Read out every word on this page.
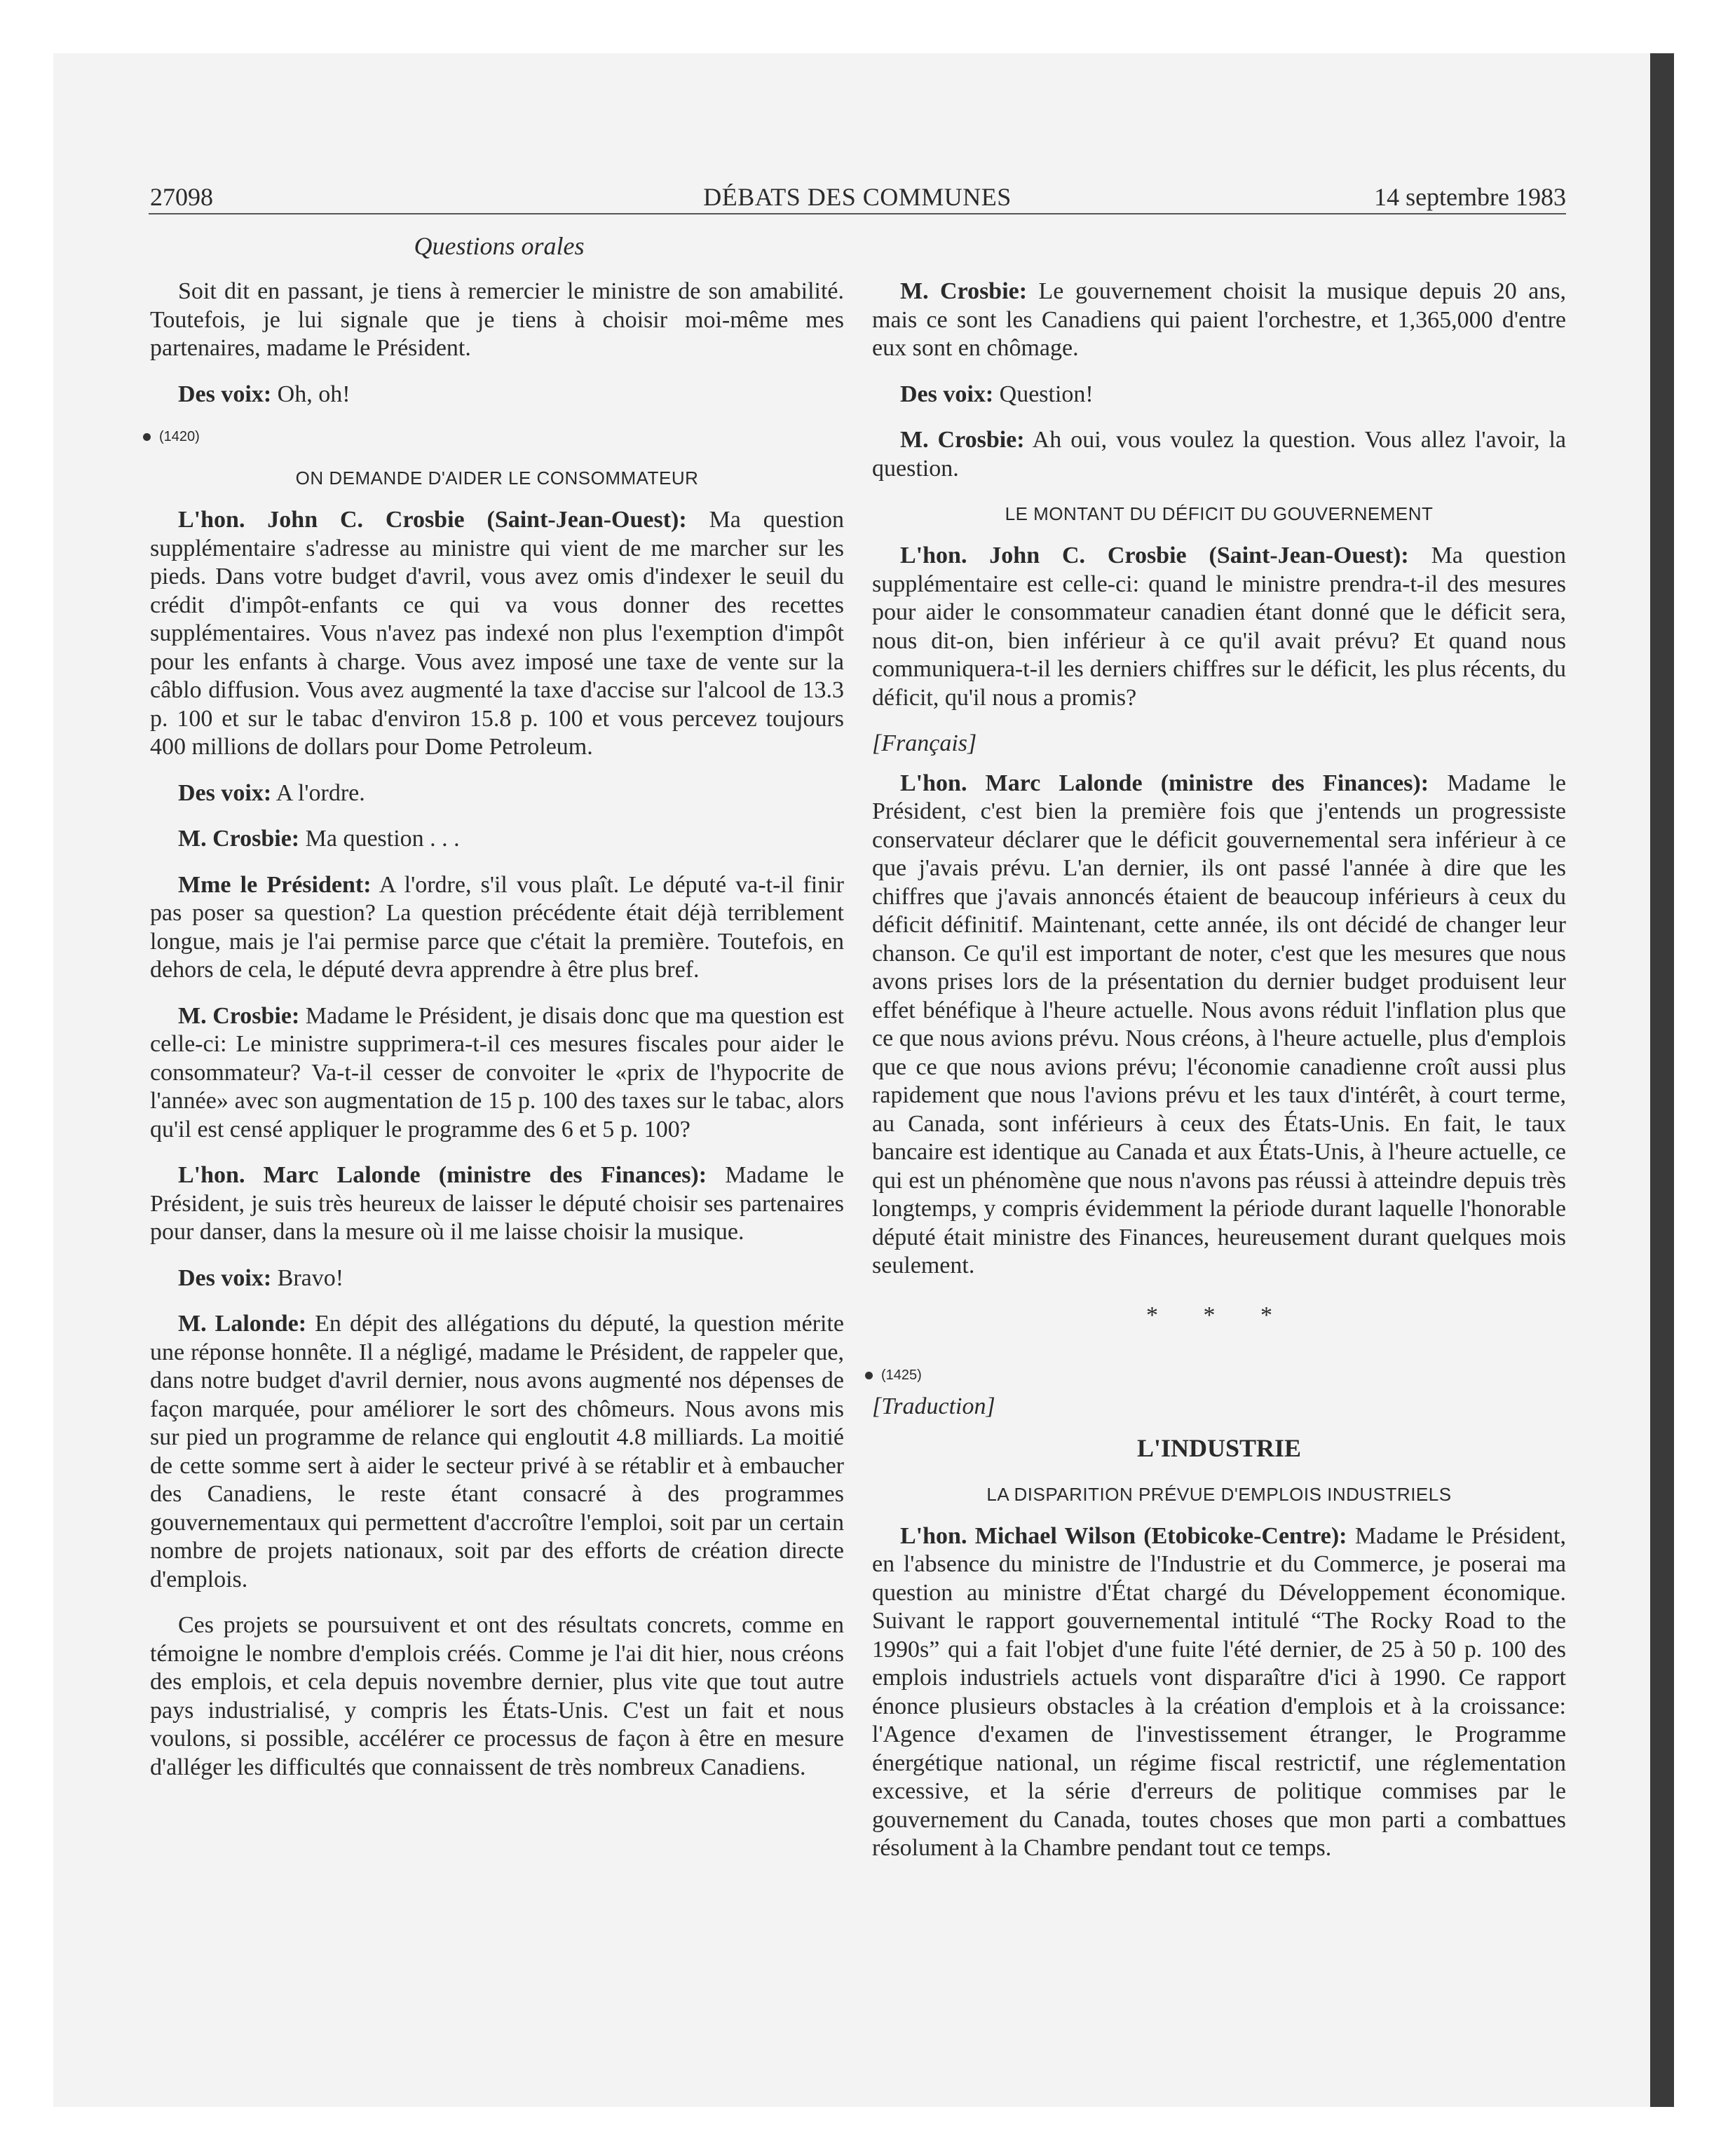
27098	DÉBATS DES COMMUNES	14 septembre 1983
Questions orales

Soit dit en passant, je tiens à remercier le ministre de son amabilité. Toutefois, je lui signale que je tiens à choisir moi-même mes partenaires, madame le Président.

Des voix: Oh, oh!

(1420)
ON DEMANDE D'AIDER LE CONSOMMATEUR

L'hon. John C. Crosbie (Saint-Jean-Ouest): Ma question supplémentaire s'adresse au ministre qui vient de me marcher sur les pieds. Dans votre budget d'avril, vous avez omis d'indexer le seuil du crédit d'impôt-enfants ce qui va vous donner des recettes supplémentaires. Vous n'avez pas indexé non plus l'exemption d'impôt pour les enfants à charge. Vous avez imposé une taxe de vente sur la câblo diffusion. Vous avez augmenté la taxe d'accise sur l'alcool de 13.3 p. 100 et sur le tabac d'environ 15.8 p. 100 et vous percevez toujours 400 millions de dollars pour Dome Petroleum.

Des voix: A l'ordre.

M. Crosbie: Ma question . . .

Mme le Président: A l'ordre, s'il vous plaît. Le député va-t-il finir pas poser sa question? La question précédente était déjà terriblement longue, mais je l'ai permise parce que c'était la première. Toutefois, en dehors de cela, le député devra apprendre à être plus bref.

M. Crosbie: Madame le Président, je disais donc que ma question est celle-ci: Le ministre supprimera-t-il ces mesures fiscales pour aider le consommateur? Va-t-il cesser de convoiter le «prix de l'hypocrite de l'année» avec son augmentation de 15 p. 100 des taxes sur le tabac, alors qu'il est censé appliquer le programme des 6 et 5 p. 100?

L'hon. Marc Lalonde (ministre des Finances): Madame le Président, je suis très heureux de laisser le député choisir ses partenaires pour danser, dans la mesure où il me laisse choisir la musique.

Des voix: Bravo!

M. Lalonde: En dépit des allégations du député, la question mérite une réponse honnête. Il a négligé, madame le Président, de rappeler que, dans notre budget d'avril dernier, nous avons augmenté nos dépenses de façon marquée, pour améliorer le sort des chômeurs. Nous avons mis sur pied un programme de relance qui engloutit 4.8 milliards. La moitié de cette somme sert à aider le secteur privé à se rétablir et à embaucher des Canadiens, le reste étant consacré à des programmes gouvernementaux qui permettent d'accroître l'emploi, soit par un certain nombre de projets nationaux, soit par des efforts de création directe d'emplois.

Ces projets se poursuivent et ont des résultats concrets, comme en témoigne le nombre d'emplois créés. Comme je l'ai dit hier, nous créons des emplois, et cela depuis novembre dernier, plus vite que tout autre pays industrialisé, y compris les États-Unis. C'est un fait et nous voulons, si possible, accélérer ce processus de façon à être en mesure d'alléger les difficultés que connaissent de très nombreux Canadiens.

M. Crosbie: Le gouvernement choisit la musique depuis 20 ans, mais ce sont les Canadiens qui paient l'orchestre, et 1,365,000 d'entre eux sont en chômage.

Des voix: Question!

M. Crosbie: Ah oui, vous voulez la question. Vous allez l'avoir, la question.

LE MONTANT DU DÉFICIT DU GOUVERNEMENT

L'hon. John C. Crosbie (Saint-Jean-Ouest): Ma question supplémentaire est celle-ci: quand le ministre prendra-t-il des mesures pour aider le consommateur canadien étant donné que le déficit sera, nous dit-on, bien inférieur à ce qu'il avait prévu? Et quand nous communiquera-t-il les derniers chiffres sur le déficit, les plus récents, du déficit, qu'il nous a promis?

[Français]

L'hon. Marc Lalonde (ministre des Finances): Madame le Président, c'est bien la première fois que j'entends un progressiste conservateur déclarer que le déficit gouvernemental sera inférieur à ce que j'avais prévu. L'an dernier, ils ont passé l'année à dire que les chiffres que j'avais annoncés étaient de beaucoup inférieurs à ceux du déficit définitif. Maintenant, cette année, ils ont décidé de changer leur chanson. Ce qu'il est important de noter, c'est que les mesures que nous avons prises lors de la présentation du dernier budget produisent leur effet bénéfique à l'heure actuelle. Nous avons réduit l'inflation plus que ce que nous avions prévu. Nous créons, à l'heure actuelle, plus d'emplois que ce que nous avions prévu; l'économie canadienne croît aussi plus rapidement que nous l'avions prévu et les taux d'intérêt, à court terme, au Canada, sont inférieurs à ceux des États-Unis. En fait, le taux bancaire est identique au Canada et aux États-Unis, à l'heure actuelle, ce qui est un phénomène que nous n'avons pas réussi à atteindre depuis très longtemps, y compris évidemment la période durant laquelle l'honorable député était ministre des Finances, heureusement durant quelques mois seulement.

* * *
(1425)

[Traduction]

L'INDUSTRIE
LA DISPARITION PRÉVUE D'EMPLOIS INDUSTRIELS

L'hon. Michael Wilson (Etobicoke-Centre): Madame le Président, en l'absence du ministre de l'Industrie et du Commerce, je poserai ma question au ministre d'État chargé du Développement économique. Suivant le rapport gouvernemental intitulé “The Rocky Road to the 1990s” qui a fait l'objet d'une fuite l'été dernier, de 25 à 50 p. 100 des emplois industriels actuels vont disparaître d'ici à 1990. Ce rapport énonce plusieurs obstacles à la création d'emplois et à la croissance: l'Agence d'examen de l'investissement étranger, le Programme énergétique national, un régime fiscal restrictif, une réglementation excessive, et la série d'erreurs de politique commises par le gouvernement du Canada, toutes choses que mon parti a combattues résolument à la Chambre pendant tout ce temps.
